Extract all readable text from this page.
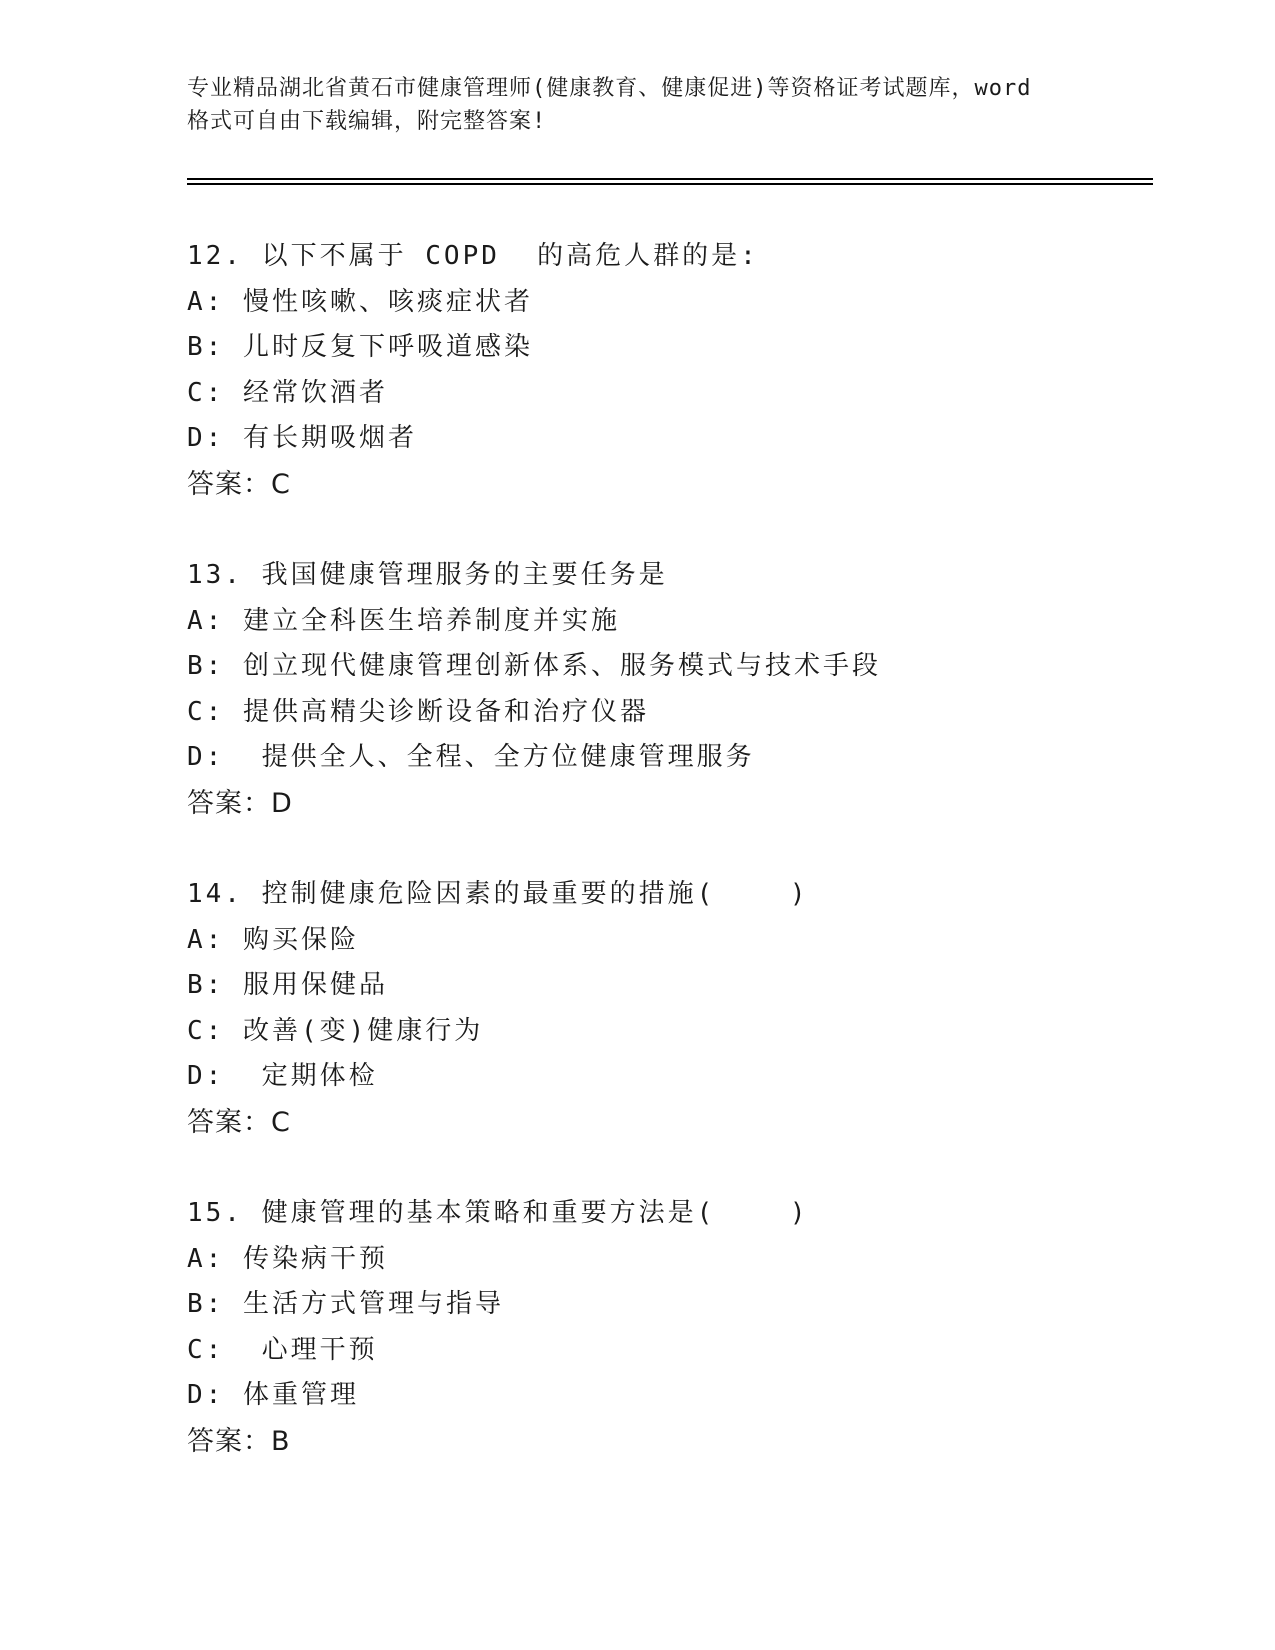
专业精品湖北省黄石市健康管理师(健康教育、健康促进)等资格证考试题库，word
格式可自由下载编辑，附完整答案!
12. 以下不属于 COPD  的高危人群的是:
A: 慢性咳嗽、咳痰症状者
B: 儿时反复下呼吸道感染
C: 经常饮酒者
D: 有长期吸烟者
答案：C
13. 我国健康管理服务的主要任务是
A: 建立全科医生培养制度并实施
B: 创立现代健康管理创新体系、服务模式与技术手段
C: 提供高精尖诊断设备和治疗仪器
D:  提供全人、全程、全方位健康管理服务
答案：D
14. 控制健康危险因素的最重要的措施(    )
A: 购买保险
B: 服用保健品
C: 改善(变)健康行为
D:  定期体检
答案：C
15. 健康管理的基本策略和重要方法是(    )
A: 传染病干预
B: 生活方式管理与指导
C:  心理干预
D: 体重管理
答案：B
